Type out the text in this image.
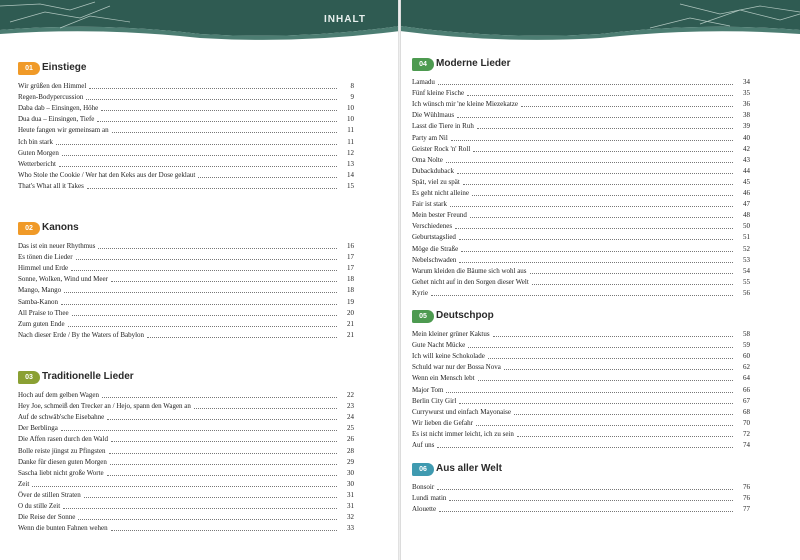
INHALT
01 Einstiege
Wir grüßen den Himmel	8
Regen-Bodypercussion	9
Daba dab – Einsingen, Höhe	10
Dua dua – Einsingen, Tiefe	10
Heute fangen wir gemeinsam an	11
Ich bin stark	11
Guten Morgen	12
Wetterbericht	13
Who Stole the Cookie / Wer hat den Keks aus der Dose geklaut	14
That's What all it Takes	15
02 Kanons
Das ist ein neuer Rhythmus	16
Es tönen die Lieder	17
Himmel und Erde	17
Sonne, Wolken, Wind und Meer	18
Mango, Mango	18
Samba-Kanon	19
All Praise to Thee	20
Zum guten Ende	21
Nach dieser Erde / By the Waters of Babylon	21
03 Traditionelle Lieder
Hoch auf dem gelben Wagen	22
Hey Joe, schmeiß den Trecker an / Hejo, spann den Wagen an	23
Auf de schwäb'sche Eisebahne	24
Der Berblinga	25
Die Affen rasen durch den Wald	26
Bolle reiste jüngst zu Pfingsten	28
Danke für diesen guten Morgen	29
Sascha liebt nicht große Worte	30
Zeit	30
Över de stillen Straten	31
O du stille Zeit	31
Die Reise der Sonne	32
Wenn die bunten Fahnen wehen	33
04 Moderne Lieder
Lamadu	34
Fünf kleine Fische	35
Ich wünsch mir 'ne kleine Miezekatze	36
Die Wühlmaus	38
Lasst die Tiere in Ruh	39
Party am Nil	40
Geister Rock 'n' Roll	42
Oma Nolte	43
Dubackduback	44
Spät, viel zu spät	45
Es geht nicht alleine	46
Fair ist stark	47
Mein bester Freund	48
Verschiedenes	50
Geburtstagslied	51
Möge die Straße	52
Nebelschwaden	53
Warum kleiden die Bäume sich wohl aus	54
Gehet nicht auf in den Sorgen dieser Welt	55
Kyrie	56
05 Deutschpop
Mein kleiner grüner Kaktus	58
Gute Nacht Mücke	59
Ich will keine Schokolade	60
Schuld war nur der Bossa Nova	62
Wenn ein Mensch lebt	64
Major Tom	66
Berlin City Girl	67
Currywurst und einfach Mayonaise	68
Wir lieben die Gefahr	70
Es ist nicht immer leicht, ich zu sein	72
Auf uns	74
06 Aus aller Welt
Bonsoir	76
Lundi matin	76
Alouette	77
